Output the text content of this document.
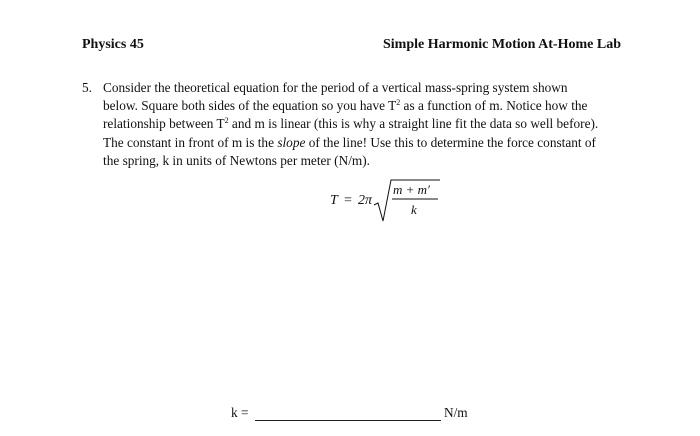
Physics 45	Simple Harmonic Motion At-Home Lab
5. Consider the theoretical equation for the period of a vertical mass-spring system shown
below. Square both sides of the equation so you have $T^2$ as a function of m. Notice how the
relationship between $T^2$ and m is linear (this is why a straight line fit the data so well before).
The constant in front of m is the slope of the line! Use this to determine the force constant of
the spring, k in units of Newtons per meter (N/m).
T = 2π
m + m′
k
k =	N/m
